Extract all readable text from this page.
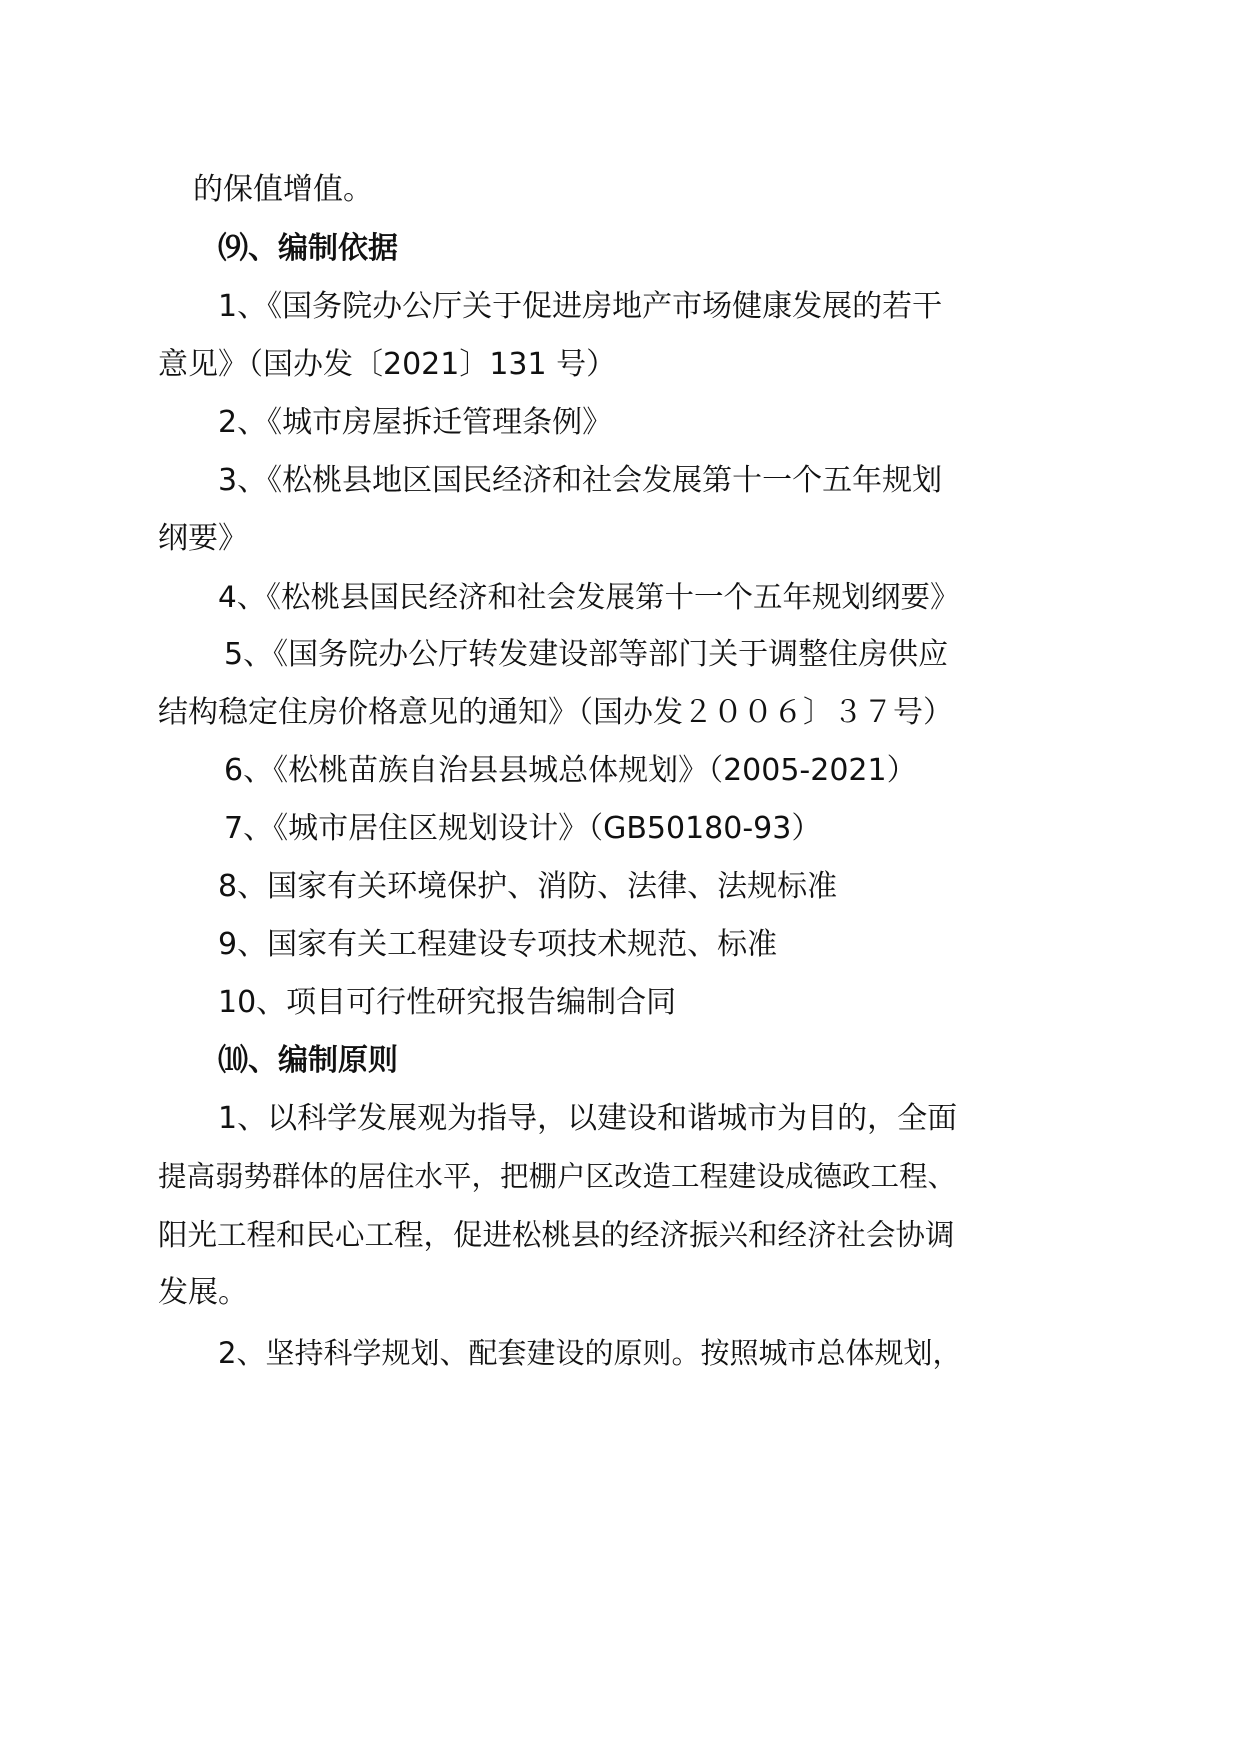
的保值增值。
⑼、编制依据
1、《国务院办公厅关于促进房地产市场健康发展的若干
意见》（国办发〔2021〕131 号）
2、《城市房屋拆迁管理条例》
3、《松桃县地区国民经济和社会发展第十一个五年规划
纲要》
4、《松桃县国民经济和社会发展第十一个五年规划纲要》
5、《国务院办公厅转发建设部等部门关于调整住房供应
结构稳定住房价格意见的通知》（国办发２００６〕３７号）
6、《松桃苗族自治县县城总体规划》（2005-2021）
7、《城市居住区规划设计》（GB50180-93）
8、国家有关环境保护、消防、法律、法规标准
9、国家有关工程建设专项技术规范、标准
10、项目可行性研究报告编制合同
⑽、编制原则
1、以科学发展观为指导，以建设和谐城市为目的，全面
提高弱势群体的居住水平，把棚户区改造工程建设成德政工程、
阳光工程和民心工程，促进松桃县的经济振兴和经济社会协调
发展。
2、坚持科学规划、配套建设的原则。按照城市总体规划，
